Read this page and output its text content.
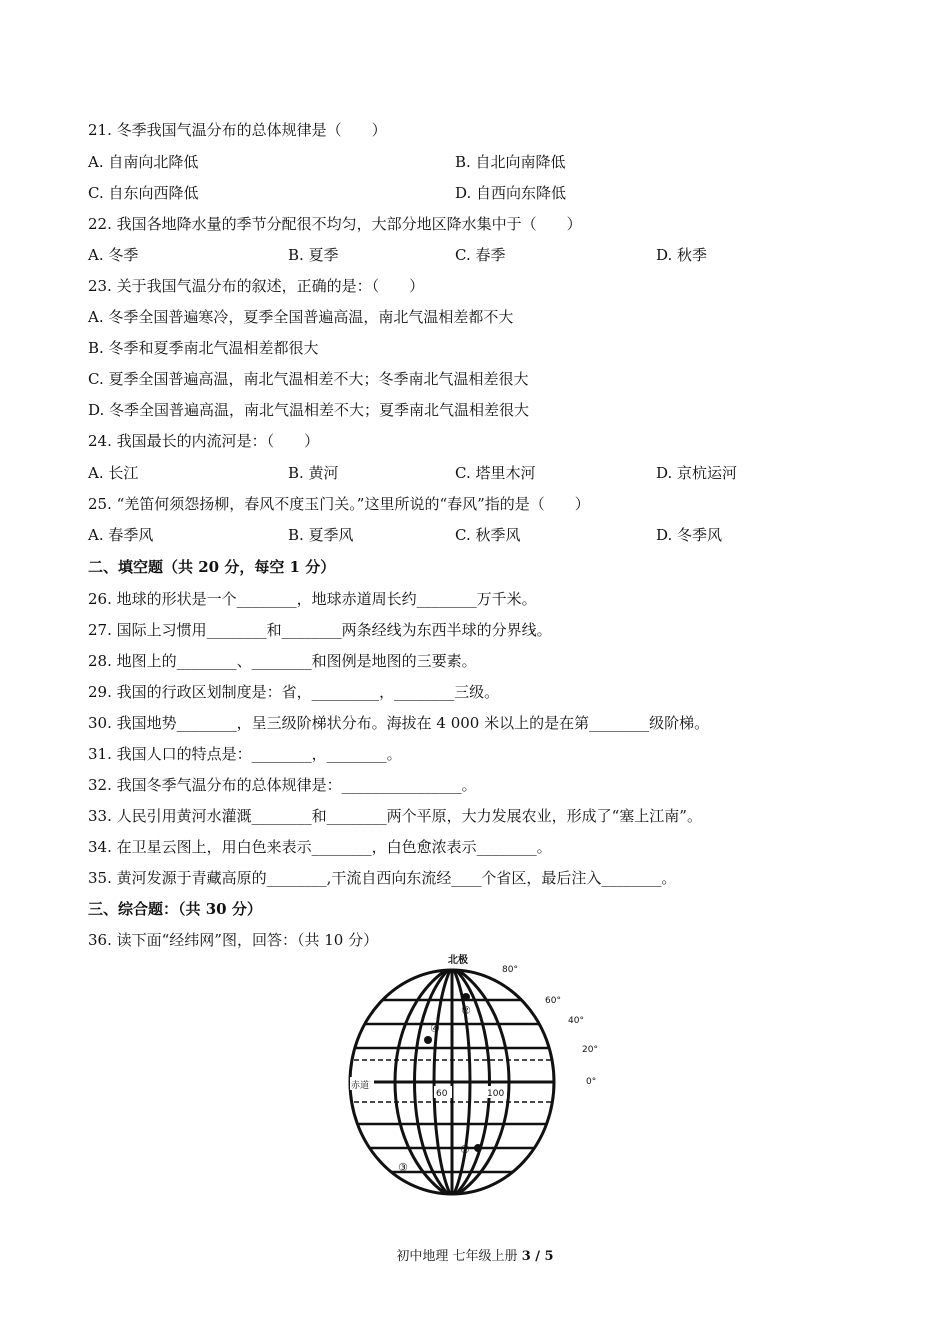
21. 冬季我国气温分布的总体规律是（　　）
A. 自南向北降低	B. 自北向南降低
C. 自东向西降低	D. 自西向东降低
22. 我国各地降水量的季节分配很不均匀，大部分地区降水集中于（　　）
A. 冬季	B. 夏季	C. 春季	D. 秋季
23. 关于我国气温分布的叙述，正确的是：（　　）
A. 冬季全国普遍寒冷，夏季全国普遍高温，南北气温相差都不大
B. 冬季和夏季南北气温相差都很大
C. 夏季全国普遍高温，南北气温相差不大；冬季南北气温相差很大
D. 冬季全国普遍高温，南北气温相差不大；夏季南北气温相差很大
24. 我国最长的内流河是：（　　）
A. 长江	B. 黄河	C. 塔里木河	D. 京杭运河
25. “羌笛何须怨扬柳，春风不度玉门关。”这里所说的“春风”指的是（　　）
A. 春季风	B. 夏季风	C. 秋季风	D. 冬季风
二、填空题（共 20 分，每空 1 分）
26. 地球的形状是一个________，地球赤道周长约________万千米。
27. 国际上习惯用________和________两条经线为东西半球的分界线。
28. 地图上的________、________和图例是地图的三要素。
29. 我国的行政区划制度是：省，_________，________三级。
30. 我国地势________，呈三级阶梯状分布。海拔在 4 000 米以上的是在第________级阶梯。
31. 我国人口的特点是：________，________。
32. 我国冬季气温分布的总体规律是：________________。
33. 人民引用黄河水灌溉________和________两个平原，大力发展农业，形成了“塞上江南”。
34. 在卫星云图上，用白色来表示________，白色愈浓表示________。
35. 黄河发源于青藏高原的________,干流自西向东流经____个省区，最后注入________。
三、综合题：（共 30 分）
36. 读下面“经纬网”图，回答：（共 10 分）
北极
80°
60°
40°
20°
0°
赤道
60	100
②
④
①
③
初中地理 七年级上册 3 / 5
